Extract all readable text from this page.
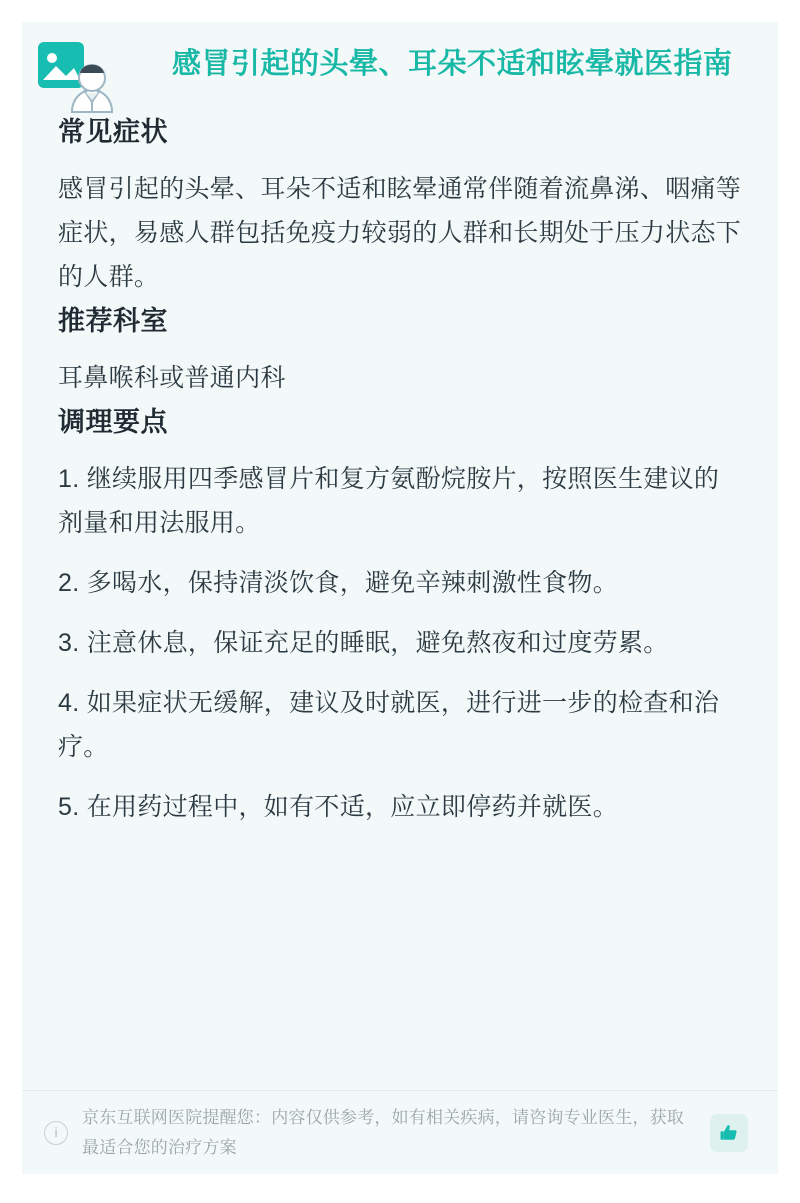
感冒引起的头晕、耳朵不适和眩晕就医指南
常见症状

感冒引起的头晕、耳朵不适和眩晕通常伴随着流鼻涕、咽痛等症状，易感人群包括免疫力较弱的人群和长期处于压力状态下的人群。

推荐科室

耳鼻喉科或普通内科

调理要点
1. 继续服用四季感冒片和复方氨酚烷胺片，按照医生建议的剂量和用法服用。
2. 多喝水，保持清淡饮食，避免辛辣刺激性食物。
3. 注意休息，保证充足的睡眠，避免熬夜和过度劳累。
4. 如果症状无缓解，建议及时就医，进行进一步的检查和治疗。
5. 在用药过程中，如有不适，应立即停药并就医。
i
京东互联网医院提醒您：内容仅供参考，如有相关疾病，请咨询专业医生，获取最适合您的治疗方案
